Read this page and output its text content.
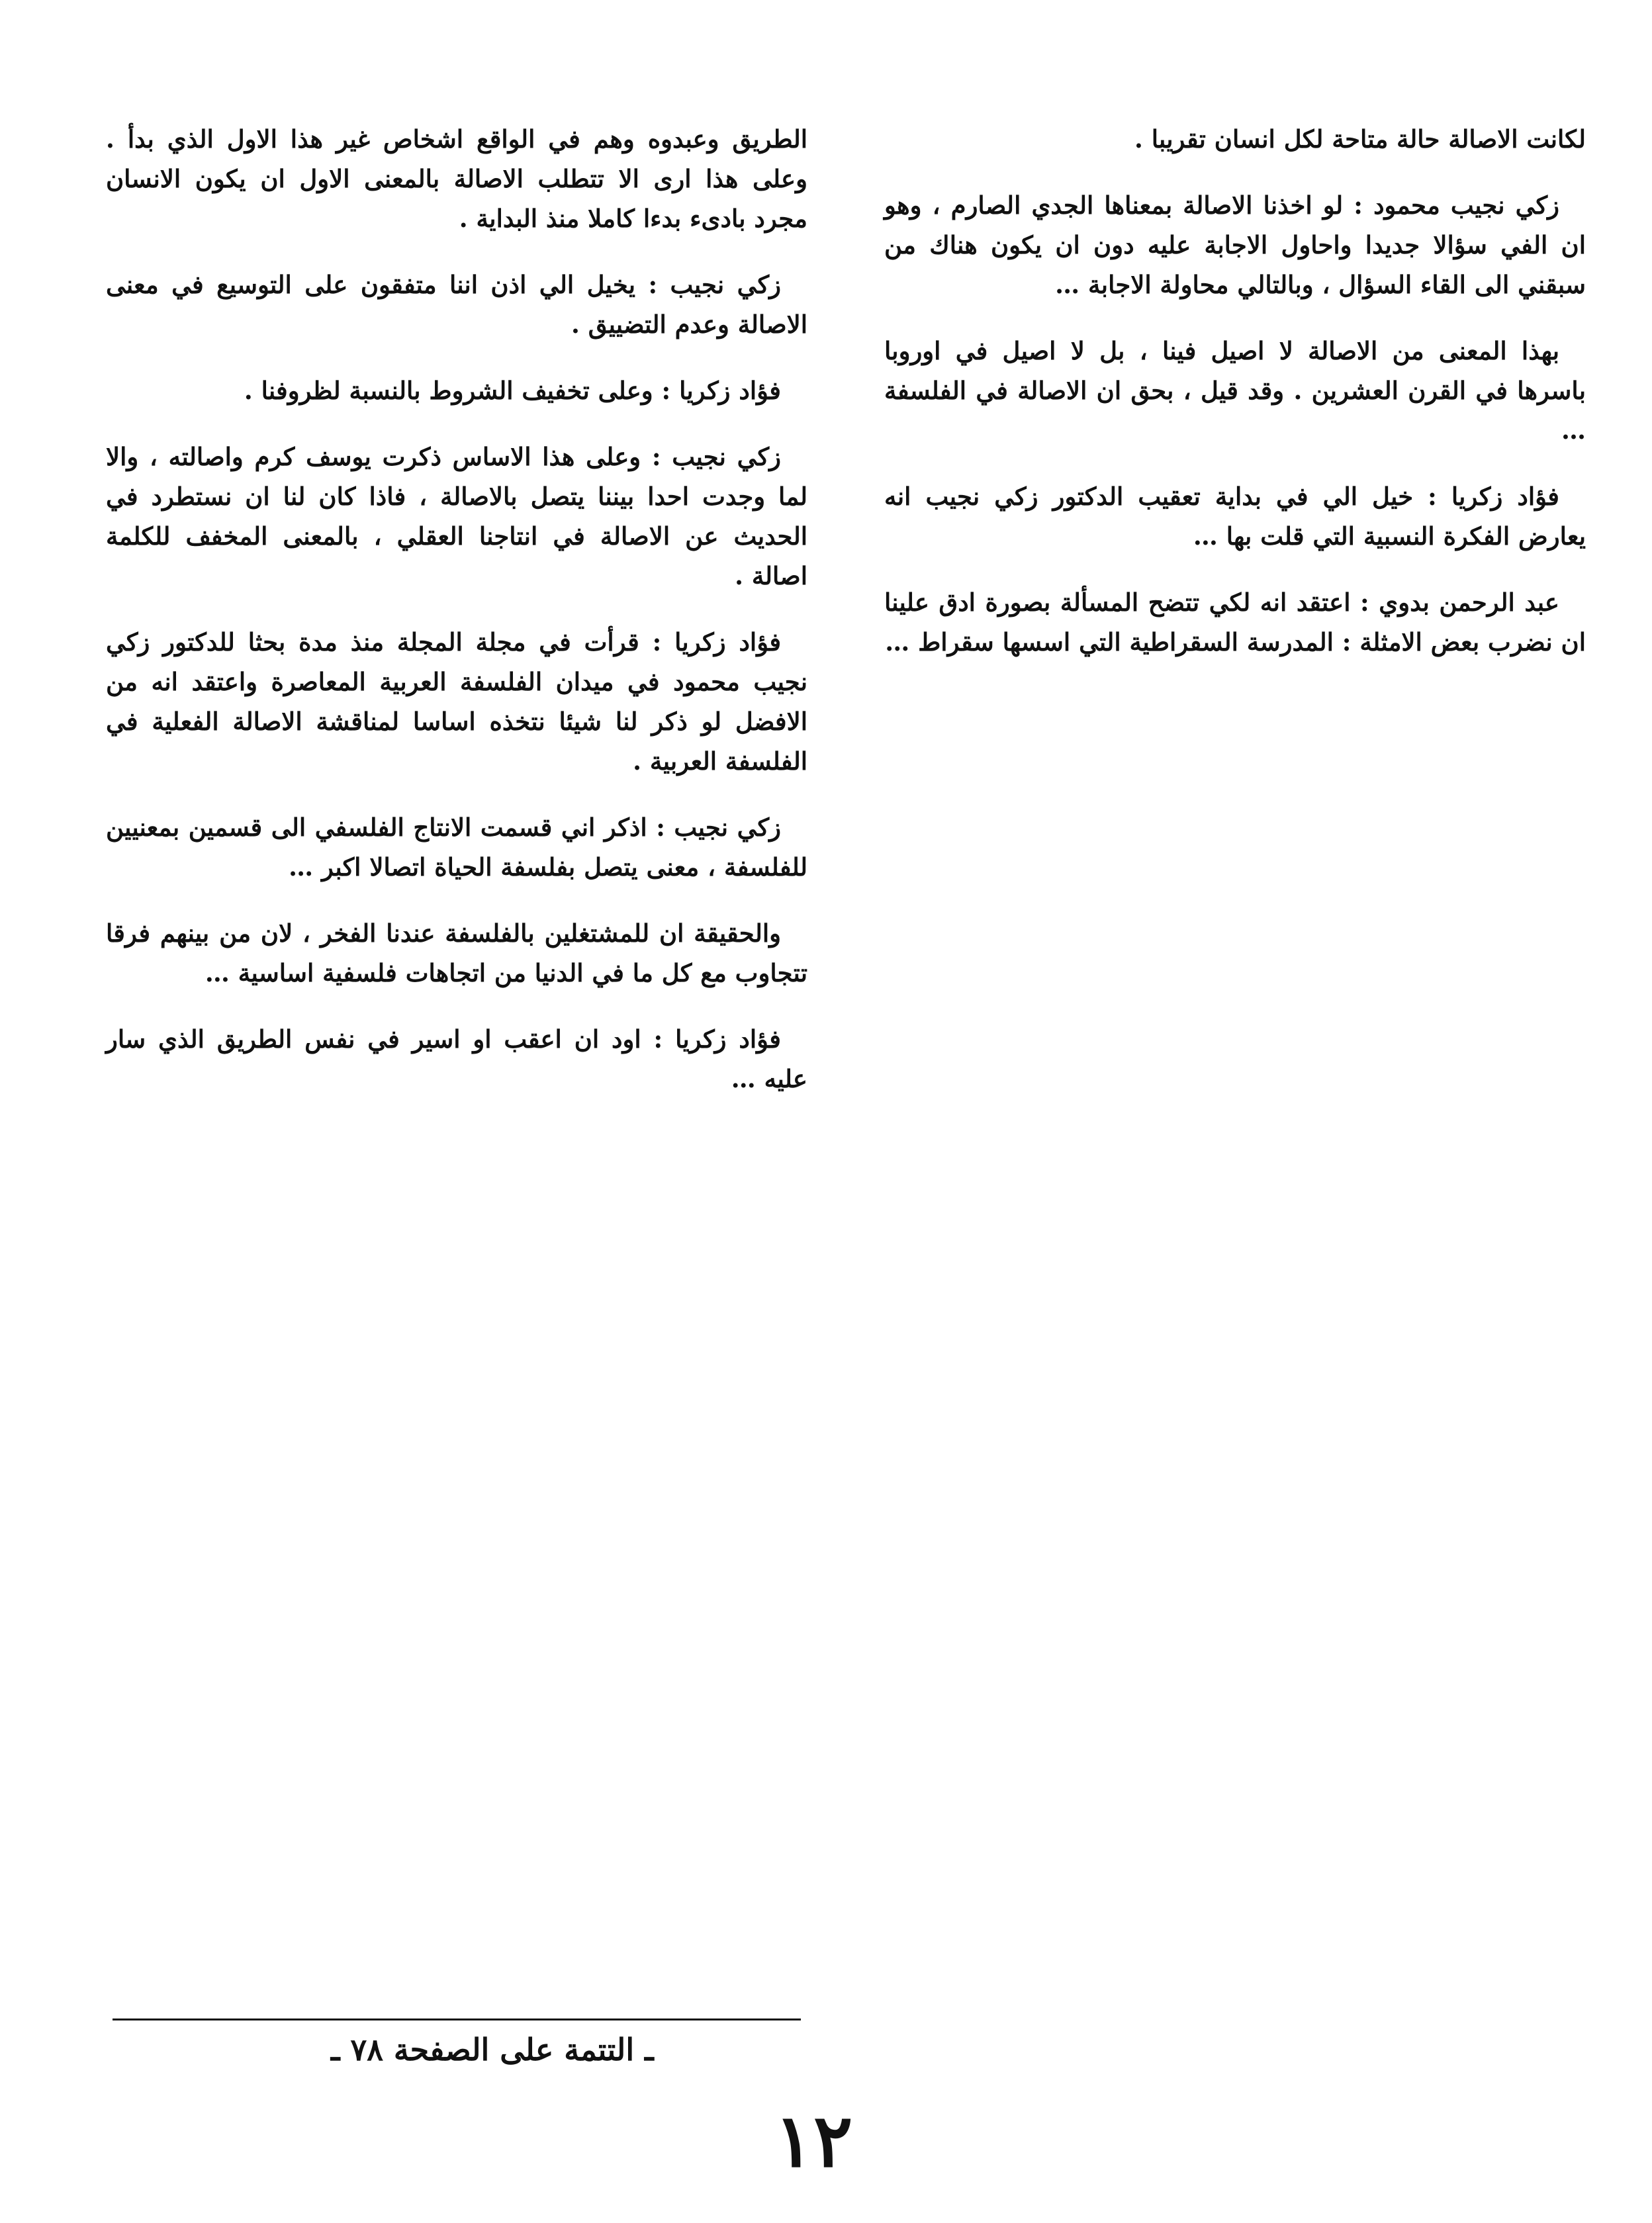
لكانت الاصالة حالة متاحة لكل انسان تقريبا .

زكي نجيب محمود : لو اخذنا الاصالة بمعناها الجدي الصارم ، وهو ان الفي سؤالا جديدا واحاول الاجابة عليه دون ان يكون هناك من سبقني الى القاء السؤال ، وبالتالي محاولة الاجابة …

بهذا المعنى من الاصالة لا اصيل فينا ، بل لا اصيل في اوروبا باسرها في القرن العشرين . وقد قيل ، بحق ان الاصالة في الفلسفة …

فؤاد زكريا : خيل الي في بداية تعقيب الدكتور زكي نجيب انه يعارض الفكرة النسبية التي قلت بها …

عبد الرحمن بدوي : اعتقد انه لكي تتضح المسألة بصورة ادق علينا ان نضرب بعض الامثلة : المدرسة السقراطية التي اسسها سقراط …

الطريق وعبدوه وهم في الواقع اشخاص غير هذا الاول الذي بدأ . وعلى هذا ارى الا تتطلب الاصالة بالمعنى الاول ان يكون الانسان مجرد بادىء بدءا كاملا منذ البداية .

زكي نجيب : يخيل الي اذن اننا متفقون على التوسيع في معنى الاصالة وعدم التضييق .

فؤاد زكريا : وعلى تخفيف الشروط بالنسبة لظروفنا .

زكي نجيب : وعلى هذا الاساس ذكرت يوسف كرم واصالته ، والا لما وجدت احدا بيننا يتصل بالاصالة ، فاذا كان لنا ان نستطرد في الحديث عن الاصالة في انتاجنا العقلي ، بالمعنى المخفف للكلمة اصالة .

فؤاد زكريا : قرأت في مجلة المجلة منذ مدة بحثا للدكتور زكي نجيب محمود في ميدان الفلسفة العربية المعاصرة واعتقد انه من الافضل لو ذكر لنا شيئا نتخذه اساسا لمناقشة الاصالة الفعلية في الفلسفة العربية .

زكي نجيب : اذكر اني قسمت الانتاج الفلسفي الى قسمين بمعنيين للفلسفة ، معنى يتصل بفلسفة الحياة اتصالا اكبر …

والحقيقة ان للمشتغلين بالفلسفة عندنا الفخر ، لان من بينهم فرقا تتجاوب مع كل ما في الدنيا من اتجاهات فلسفية اساسية …

فؤاد زكريا : اود ان اعقب او اسير في نفس الطريق الذي سار عليه …

ـ التتمة على الصفحة ٧٨ ـ
١٢
